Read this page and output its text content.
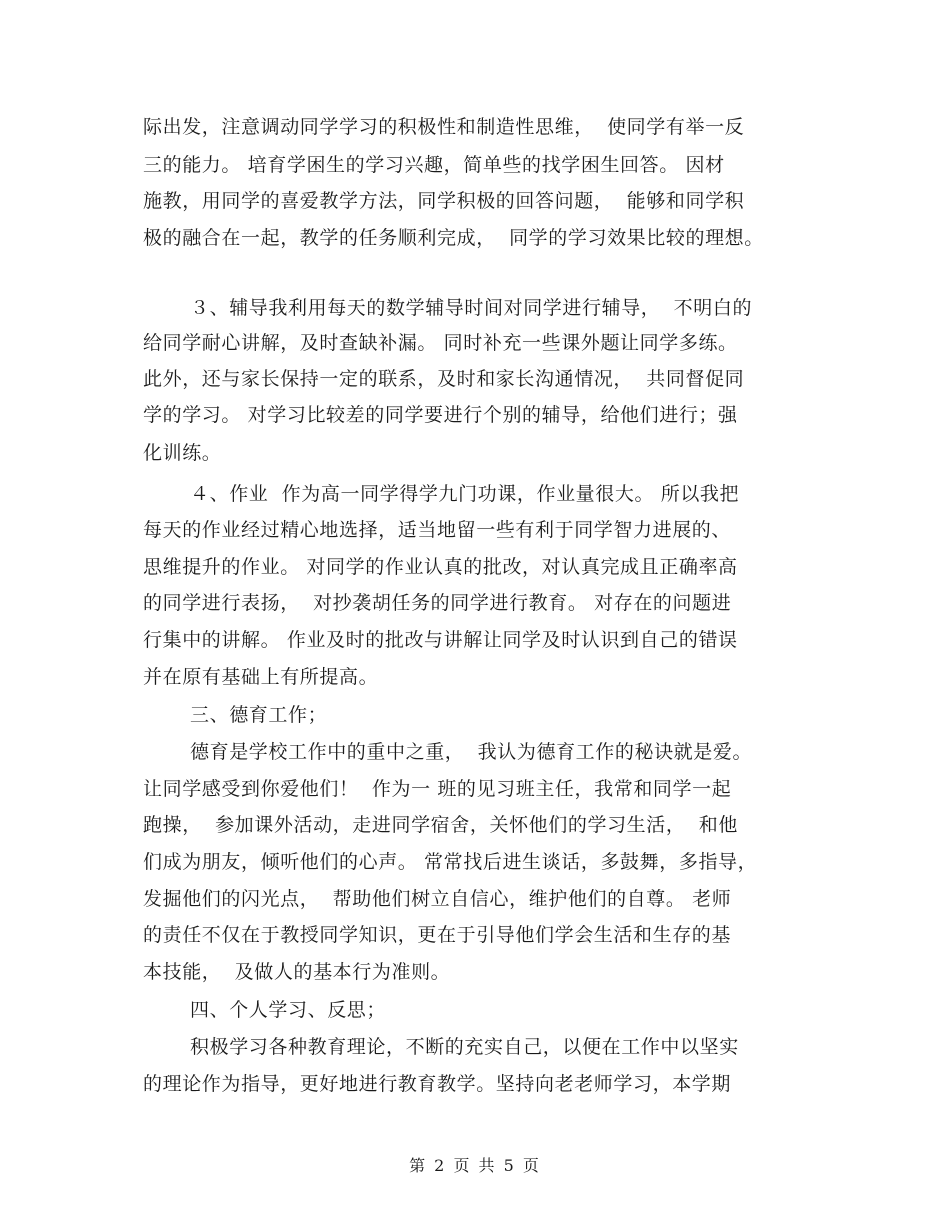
际出发，注意调动同学学习的积极性和制造性思维，  使同学有举一反
三的能力。 培育学困生的学习兴趣，简单些的找学困生回答。 因材
施教，用同学的喜爱教学方法，同学积极的回答问题，  能够和同学积
极的融合在一起，教学的任务顺利完成，  同学的学习效果比较的理想。
３、辅导我利用每天的数学辅导时间对同学进行辅导，  不明白的
给同学耐心讲解，及时查缺补漏。 同时补充一些课外题让同学多练。
此外，还与家长保持一定的联系，及时和家长沟通情况，  共同督促同
学的学习。 对学习比较差的同学要进行个别的辅导，给他们进行；强
化训练。
４、作业  作为高一同学得学九门功课，作业量很大。 所以我把
每天的作业经过精心地选择，适当地留一些有利于同学智力进展的、
思维提升的作业。 对同学的作业认真的批改，对认真完成且正确率高
的同学进行表扬，  对抄袭胡任务的同学进行教育。 对存在的问题进
行集中的讲解。 作业及时的批改与讲解让同学及时认识到自己的错误
并在原有基础上有所提高。
三、德育工作；
德育是学校工作中的重中之重，  我认为德育工作的秘诀就是爱。
让同学感受到你爱他们！  作为一 班的见习班主任，我常和同学一起
跑操，  参加课外活动，走进同学宿舍，关怀他们的学习生活，  和他
们成为朋友，倾听他们的心声。 常常找后进生谈话，多鼓舞，多指导，
发掘他们的闪光点，  帮助他们树立自信心，维护他们的自尊。 老师
的责任不仅在于教授同学知识，更在于引导他们学会生活和生存的基
本技能，  及做人的基本行为准则。
四、个人学习、反思；
积极学习各种教育理论，不断的充实自己，以便在工作中以坚实
的理论作为指导，更好地进行教育教学。坚持向老老师学习，本学期
第 2 页 共 5 页
